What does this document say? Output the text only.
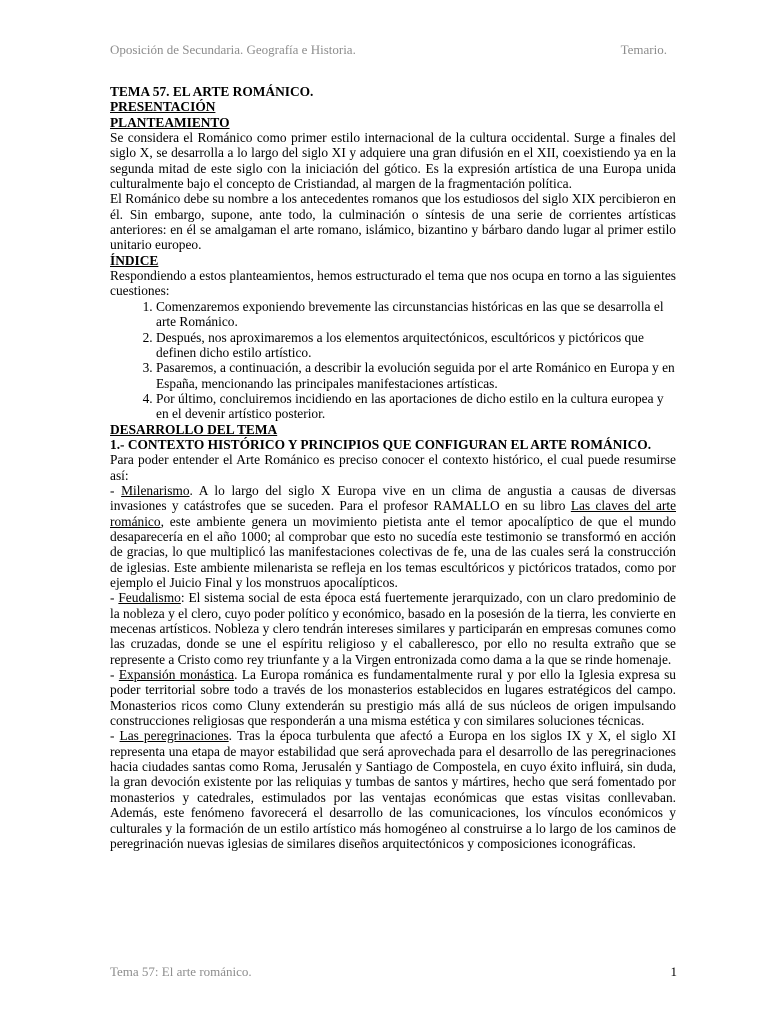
Oposición de Secundaria. Geografía e Historia.	Temario.

TEMA 57. EL ARTE ROMÁNICO.

PRESENTACIÓN

PLANTEAMIENTO

Se considera el Románico como primer estilo internacional de la cultura occidental. Surge a finales del siglo X, se desarrolla a lo largo del siglo XI y adquiere una gran difusión en el XII, coexistiendo ya en la segunda mitad de este siglo con la iniciación del gótico. Es la expresión artística de una Europa unida culturalmente bajo el concepto de Cristiandad, al margen de la fragmentación política.

El Románico debe su nombre a los antecedentes romanos que los estudiosos del siglo XIX percibieron en él. Sin embargo, supone, ante todo, la culminación o síntesis de una serie de corrientes artísticas anteriores: en él se amalgaman el arte romano, islámico, bizantino y bárbaro dando lugar al primer estilo unitario europeo.

ÍNDICE

Respondiendo a estos planteamientos, hemos estructurado el tema que nos ocupa en torno a las siguientes cuestiones:

1. Comenzaremos exponiendo brevemente las circunstancias históricas en las que se desarrolla el arte Románico.
2. Después, nos aproximaremos a los elementos arquitectónicos, escultóricos y pictóricos que definen dicho estilo artístico.
3. Pasaremos, a continuación, a describir la evolución seguida por el arte Románico en Europa y en España, mencionando las principales manifestaciones artísticas.
4. Por último, concluiremos incidiendo en las aportaciones de dicho estilo en la cultura europea y en el devenir artístico posterior.

DESARROLLO DEL TEMA

1.- CONTEXTO HISTÓRICO Y PRINCIPIOS QUE CONFIGURAN EL ARTE ROMÁNICO.

Para poder entender el Arte Románico es preciso conocer el contexto histórico, el cual puede resumirse así:

- Milenarismo. A lo largo del siglo X Europa vive en un clima de angustia a causas de diversas invasiones y catástrofes que se suceden. Para el profesor RAMALLO en su libro Las claves del arte románico, este ambiente genera un movimiento pietista ante el temor apocalíptico de que el mundo desaparecería en el año 1000; al comprobar que esto no sucedía este testimonio se transformó en acción de gracias, lo que multiplicó las manifestaciones colectivas de fe, una de las cuales será la construcción de iglesias. Este ambiente milenarista se refleja en los temas escultóricos y pictóricos tratados, como por ejemplo el Juicio Final y los monstruos apocalípticos.

- Feudalismo: El sistema social de esta época está fuertemente jerarquizado, con un claro predominio de la nobleza y el clero, cuyo poder político y económico, basado en la posesión de la tierra, les convierte en mecenas artísticos. Nobleza y clero tendrán intereses similares y participarán en empresas comunes como las cruzadas, donde se une el espíritu religioso y el caballeresco, por ello no resulta extraño que se represente a Cristo como rey triunfante y a la Virgen entronizada como dama a la que se rinde homenaje.

- Expansión monástica. La Europa románica es fundamentalmente rural y por ello la Iglesia expresa su poder territorial sobre todo a través de los monasterios establecidos en lugares estratégicos del campo. Monasterios ricos como Cluny extenderán su prestigio más allá de sus núcleos de origen impulsando construcciones religiosas que responderán a una misma estética y con similares soluciones técnicas.

- Las peregrinaciones. Tras la época turbulenta que afectó a Europa en los siglos IX y X, el siglo XI representa una etapa de mayor estabilidad que será aprovechada para el desarrollo de las peregrinaciones hacia ciudades santas como Roma, Jerusalén y Santiago de Compostela, en cuyo éxito influirá, sin duda, la gran devoción existente por las reliquias y tumbas de santos y mártires, hecho que será fomentado por monasterios y catedrales, estimulados por las ventajas económicas que estas visitas conllevaban. Además, este fenómeno favorecerá el desarrollo de las comunicaciones, los vínculos económicos y culturales y la formación de un estilo artístico más homogéneo al construirse a lo largo de los caminos de peregrinación nuevas iglesias de similares diseños arquitectónicos y composiciones iconográficas.

Tema 57: El arte románico.	1
